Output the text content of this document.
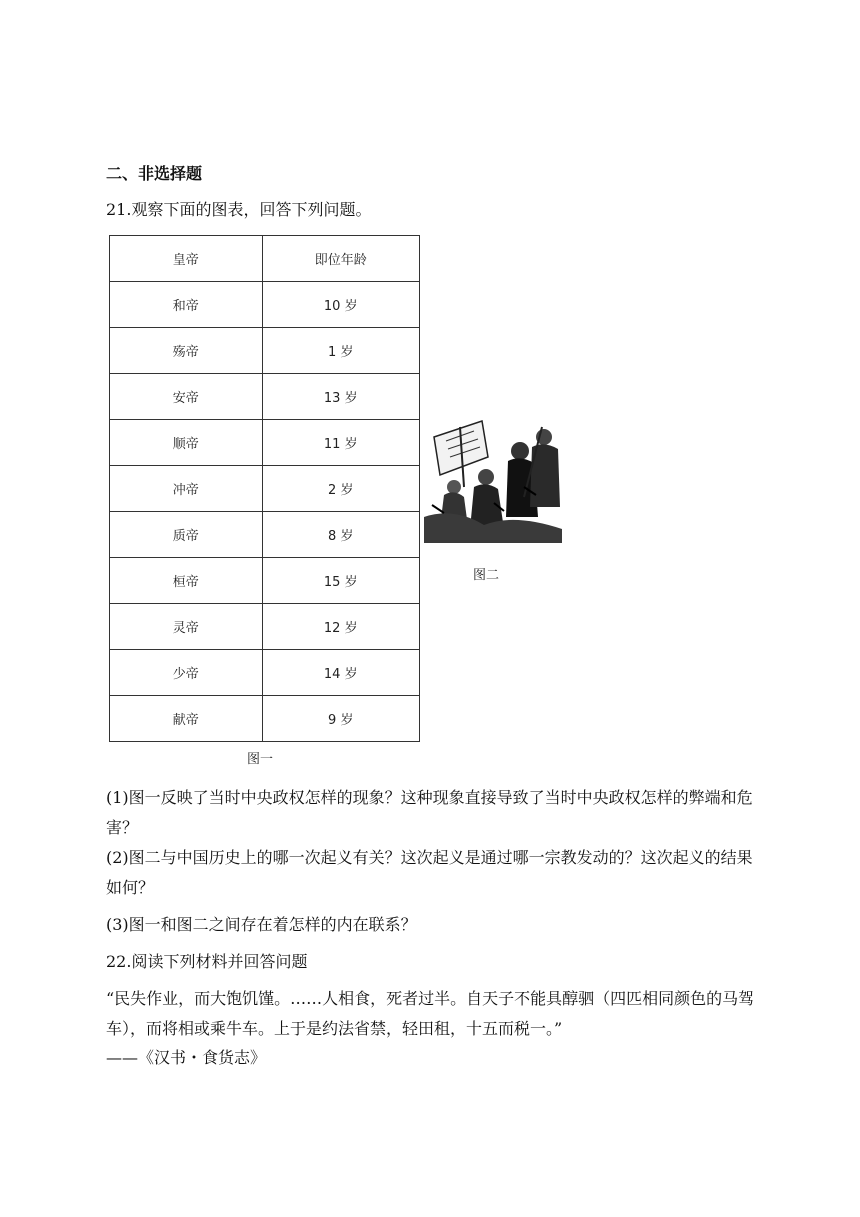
二、非选择题
21.观察下面的图表，回答下列问题。
皇帝	即位年龄
和帝	10 岁
殇帝	1 岁
安帝	13 岁
顺帝	11 岁
冲帝	2 岁
质帝	8 岁
桓帝	15 岁
灵帝	12 岁
少帝	14 岁
献帝	9 岁
图一
图二
(1)图一反映了当时中央政权怎样的现象？这种现象直接导致了当时中央政权怎样的弊端和危害？
(2)图二与中国历史上的哪一次起义有关？这次起义是通过哪一宗教发动的？这次起义的结果如何？
(3)图一和图二之间存在着怎样的内在联系？
22.阅读下列材料并回答问题
“民失作业，而大饱饥馑。……人相食，死者过半。自天子不能具醇驷（四匹相同颜色的马驾车），而将相或乘牛车。上于是约法省禁，轻田租，十五而税一。”
——《汉书・食货志》
